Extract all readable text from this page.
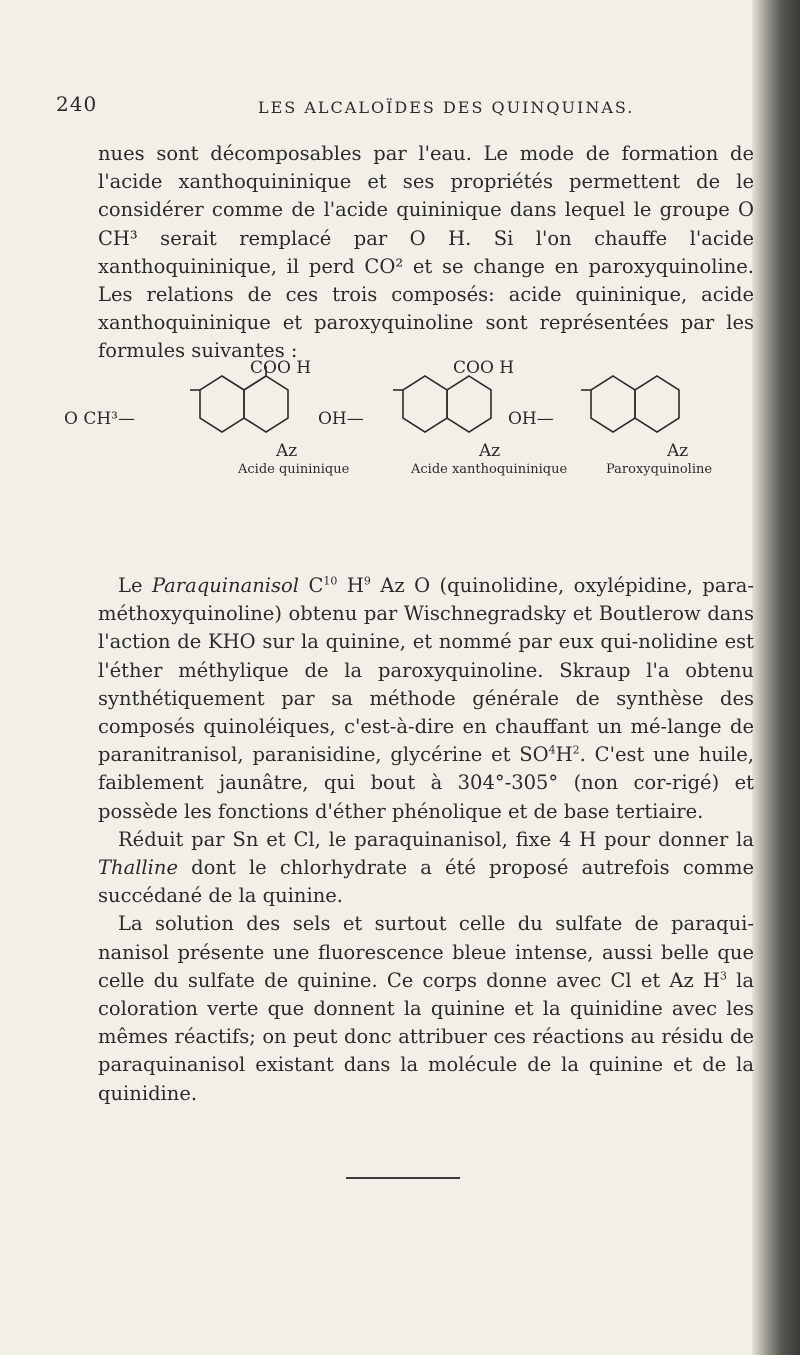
240	LES ALCALOÏDES DES QUINQUINAS.

nues sont décomposables par l'eau. Le mode de formation de l'acide xanthoquininique et ses propriétés permettent de le considérer comme de l'acide quininique dans lequel le groupe O CH³ serait remplacé par O H. Si l'on chauffe l'acide xanthoquininique, il perd CO² et se change en paroxyquinoline. Les relations de ces trois composés: acide quininique, acide xanthoquininique et paroxyquinoline sont représentées par les formules suivantes :

COO H
O CH³—
Az
Acide quininique
COO H
OH—
Az
Acide xanthoquininique
OH—
Az
Paroxyquinoline

Le Paraquinanisol $C^{10}$ $H^9$ Az O (quinolidine, oxylépidine, para-méthoxyquinoline) obtenu par Wischnegradsky et Boutlerow dans l'action de KHO sur la quinine, et nommé par eux qui-nolidine est l'éther méthylique de la paroxyquinoline. Skraup l'a obtenu synthétiquement par sa méthode générale de synthèse des composés quinoléiques, c'est-à-dire en chauffant un mé-lange de paranitranisol, paranisidine, glycérine et $SO^4H^2$. C'est une huile, faiblement jaunâtre, qui bout à 304°-305° (non cor-rigé) et possède les fonctions d'éther phénolique et de base tertiaire.

Réduit par Sn et Cl, le paraquinanisol, fixe 4 H pour donner la Thalline dont le chlorhydrate a été proposé autrefois comme succédané de la quinine.

La solution des sels et surtout celle du sulfate de paraqui-nanisol présente une fluorescence bleue intense, aussi belle que celle du sulfate de quinine. Ce corps donne avec Cl et Az $H^3$ la coloration verte que donnent la quinine et la quinidine avec les mêmes réactifs; on peut donc attribuer ces réactions au résidu de paraquinanisol existant dans la molécule de la quinine et de la quinidine.
